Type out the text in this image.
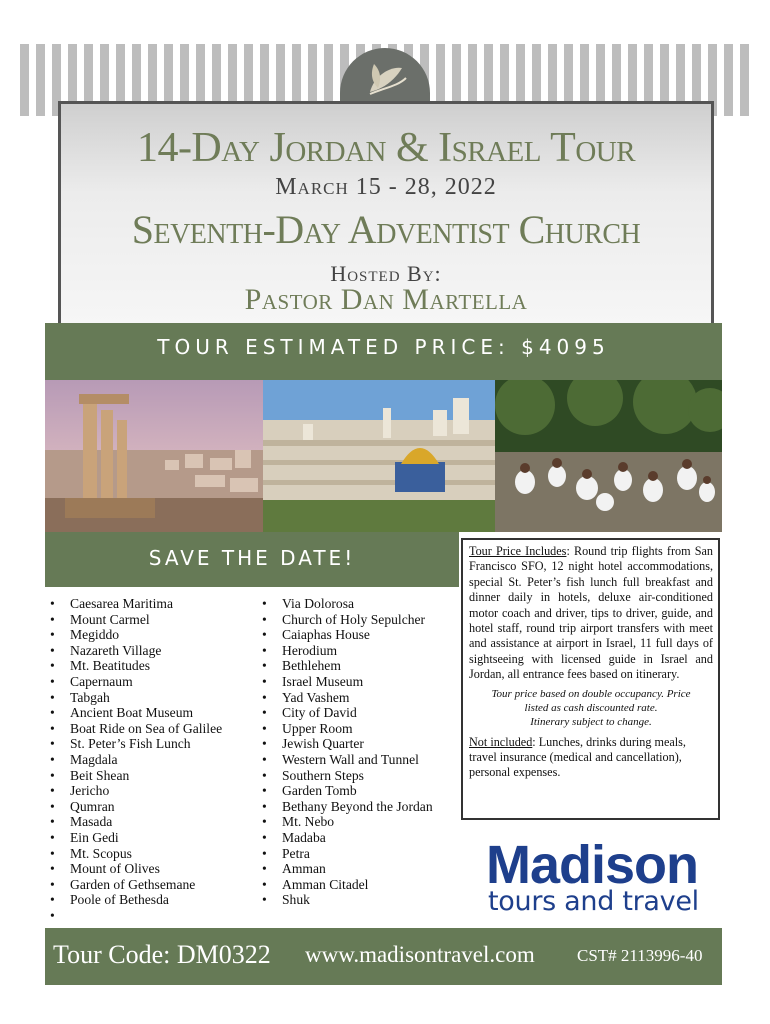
14-Day Jordan & Israel Tour
March 15 - 28, 2022
Seventh-Day Adventist Church
Hosted By:
Pastor Dan Martella
TOUR ESTIMATED PRICE: $4095
SAVE THE DATE!
• Caesarea Maritima
• Mount Carmel
• Megiddo
• Nazareth Village
• Mt. Beatitudes
• Capernaum
• Tabgah
• Ancient Boat Museum
• Boat Ride on Sea of Galilee
• St. Peter’s Fish Lunch
• Magdala
• Beit Shean
• Jericho
• Qumran
• Masada
• Ein Gedi
• Mt. Scopus
• Mount of Olives
• Garden of Gethsemane
• Poole of Bethesda
•
• Via Dolorosa
• Church of Holy Sepulcher
• Caiaphas House
• Herodium
• Bethlehem
• Israel Museum
• Yad Vashem
• City of David
• Upper Room
• Jewish Quarter
• Western Wall and Tunnel
• Southern Steps
• Garden Tomb
• Bethany Beyond the Jordan
• Mt. Nebo
• Madaba
• Petra
• Amman
• Amman Citadel
• Shuk
Tour Price Includes: Round trip flights from San Francisco SFO, 12 night hotel accommodations, special St. Peter’s fish lunch full breakfast and dinner daily in hotels, deluxe air-conditioned motor coach and driver, tips to driver, guide, and hotel staff, round trip airport transfers with meet and assistance at airport in Israel, 11 full days of sightseeing with licensed guide in Israel and Jordan, all entrance fees based on itinerary.
Tour price based on double occupancy. Price
listed as cash discounted rate.
Itinerary subject to change.
Not included: Lunches, drinks during meals, travel insurance (medical and cancellation), personal expenses.
Madison
tours and travel
Tour Code: DM0322 www.madisontravel.com CST# 2113996-40
